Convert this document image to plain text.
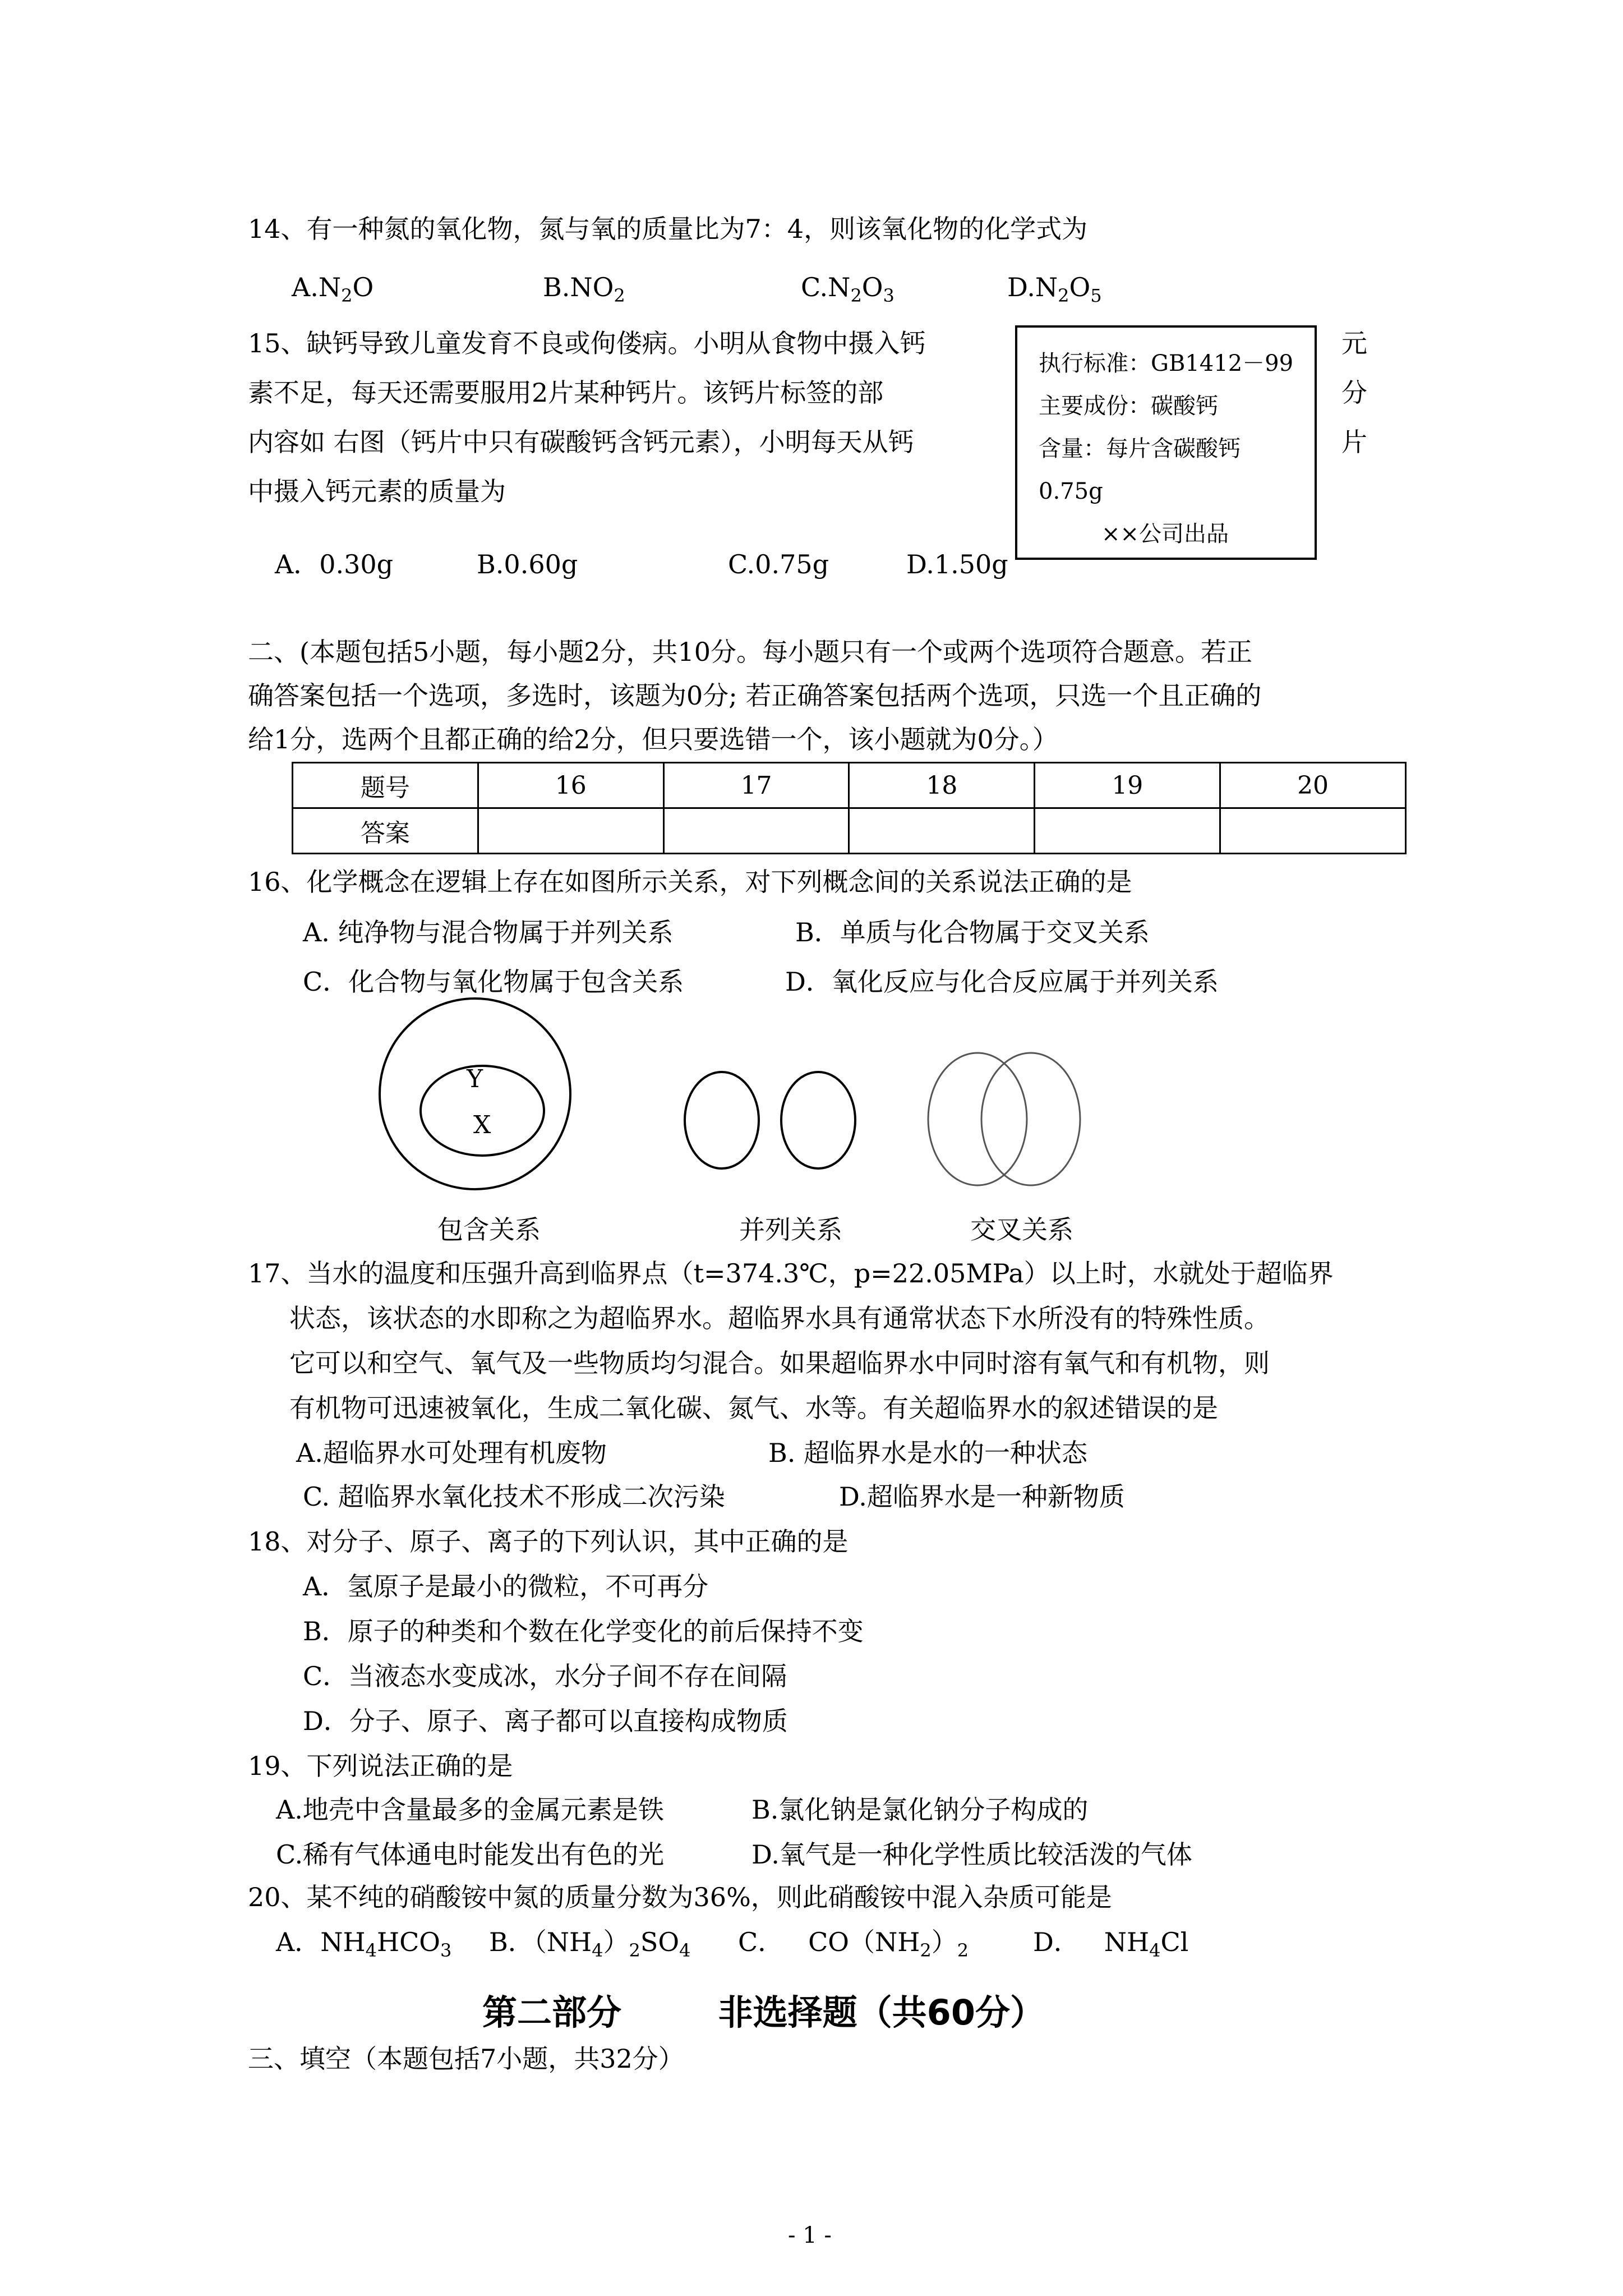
14、有一种氮的氧化物，氮与氧的质量比为7：4，则该氧化物的化学式为
$A.N_2O$	$B.NO_2$	$C.N_2O_3$	$D.N_2O_5$
15、缺钙导致儿童发育不良或佝偻病。小明从食物中摄入钙
素不足，每天还需要服用2片某种钙片。该钙片标签的部
内容如 右图（钙片中只有碳酸钙含钙元素），小明每天从钙
中摄入钙元素的质量为
元
分
片
执行标准：GB1412－99
主要成份：碳酸钙
含量：每片含碳酸钙
0.75g
××公司出品
A．0.30g	B.0.60g	C.0.75g	D.1.50g
二、(本题包括5小题，每小题2分，共10分。每小题只有一个或两个选项符合题意。若正
确答案包括一个选项，多选时，该题为0分; 若正确答案包括两个选项，只选一个且正确的
给1分，选两个且都正确的给2分，但只要选错一个，该小题就为0分。）
题号	16	17	18	19	20
答案					
16、化学概念在逻辑上存在如图所示关系，对下列概念间的关系说法正确的是
A. 纯净物与混合物属于并列关系	B．单质与化合物属于交叉关系
C．化合物与氧化物属于包含关系	D．氧化反应与化合反应属于并列关系
Y
X
包含关系	并列关系	交叉关系
17、当水的温度和压强升高到临界点（t=374.3℃，p=22.05MPa）以上时，水就处于超临界
状态，该状态的水即称之为超临界水。超临界水具有通常状态下水所没有的特殊性质。
它可以和空气、氧气及一些物质均匀混合。如果超临界水中同时溶有氧气和有机物，则
有机物可迅速被氧化，生成二氧化碳、氮气、水等。有关超临界水的叙述错误的是
A.超临界水可处理有机废物	B. 超临界水是水的一种状态
C. 超临界水氧化技术不形成二次污染	D.超临界水是一种新物质
18、对分子、原子、离子的下列认识，其中正确的是
A．氢原子是最小的微粒，不可再分
B．原子的种类和个数在化学变化的前后保持不变
C．当液态水变成冰，水分子间不存在间隔
D．分子、原子、离子都可以直接构成物质
19、下列说法正确的是
A.地壳中含量最多的金属元素是铁	B.氯化钠是氯化钠分子构成的
C.稀有气体通电时能发出有色的光	D.氧气是一种化学性质比较活泼的气体
20、某不纯的硝酸铵中氮的质量分数为36%，则此硝酸铵中混入杂质可能是
A．$NH_4HCO_3$ B．$(NH_4)_2SO_4$ C．   $CO(NH_2)_2$ D．   $NH_4Cl$
第二部分        非选择题（共60分）
三、填空（本题包括7小题，共32分）
- 1 -
